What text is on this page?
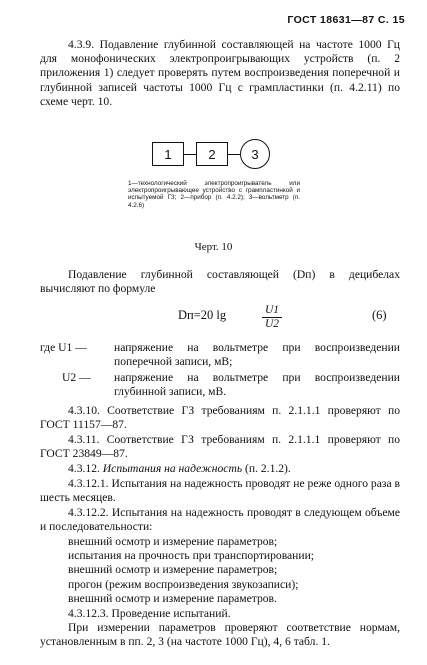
ГОСТ 18631—87 С. 15
4.3.9. Подавление глубинной составляющей на частоте 1000 Гц для монофонических электропроигрывающих устройств (п. 2 приложения 1) следует проверять путем воспроизведения поперечной и глубинной записей частоты 1000 Гц с грампластинки (п. 4.2.11) по схеме черт. 10.
1	2	3
1—технологический электропроигрыватель или электропроигрывающее устройство с грампластинкой и испытуемой ГЗ; 2—прибор (п. 4.2.2); 3—вольтметр (п. 4.2.6)
Черт. 10
Подавление глубинной составляющей (Dп) в децибелах вычисляют по формуле
Dп=20 lg	$\frac{U1}{U2}$	(6)
где U1 —	напряжение на вольтметре при воспроизведении поперечной записи, мВ;
U2 —	напряжение на вольтметре при воспроизведении глубинной записи, мВ.
4.3.10. Соответствие ГЗ требованиям п. 2.1.1.1 проверяют по ГОСТ 11157—87.
4.3.11. Соответствие ГЗ требованиям п. 2.1.1.1 проверяют по ГОСТ 23849—87.
4.3.12. Испытания на надежность (п. 2.1.2).
4.3.12.1. Испытания на надежность проводят не реже одного раза в шесть месяцев.
4.3.12.2. Испытания на надежность проводят в следующем объеме и последовательности:
внешний осмотр и измерение параметров;
испытания на прочность при транспортировании;
внешний осмотр и измерение параметров;
прогон (режим воспроизведения звукозаписи);
внешний осмотр и измерение параметров.
4.3.12.3. Проведение испытаний.
При измерении параметров проверяют соответствие нормам, установленным в пп. 2, 3 (на частоте 1000 Гц), 4, 6 табл. 1.
